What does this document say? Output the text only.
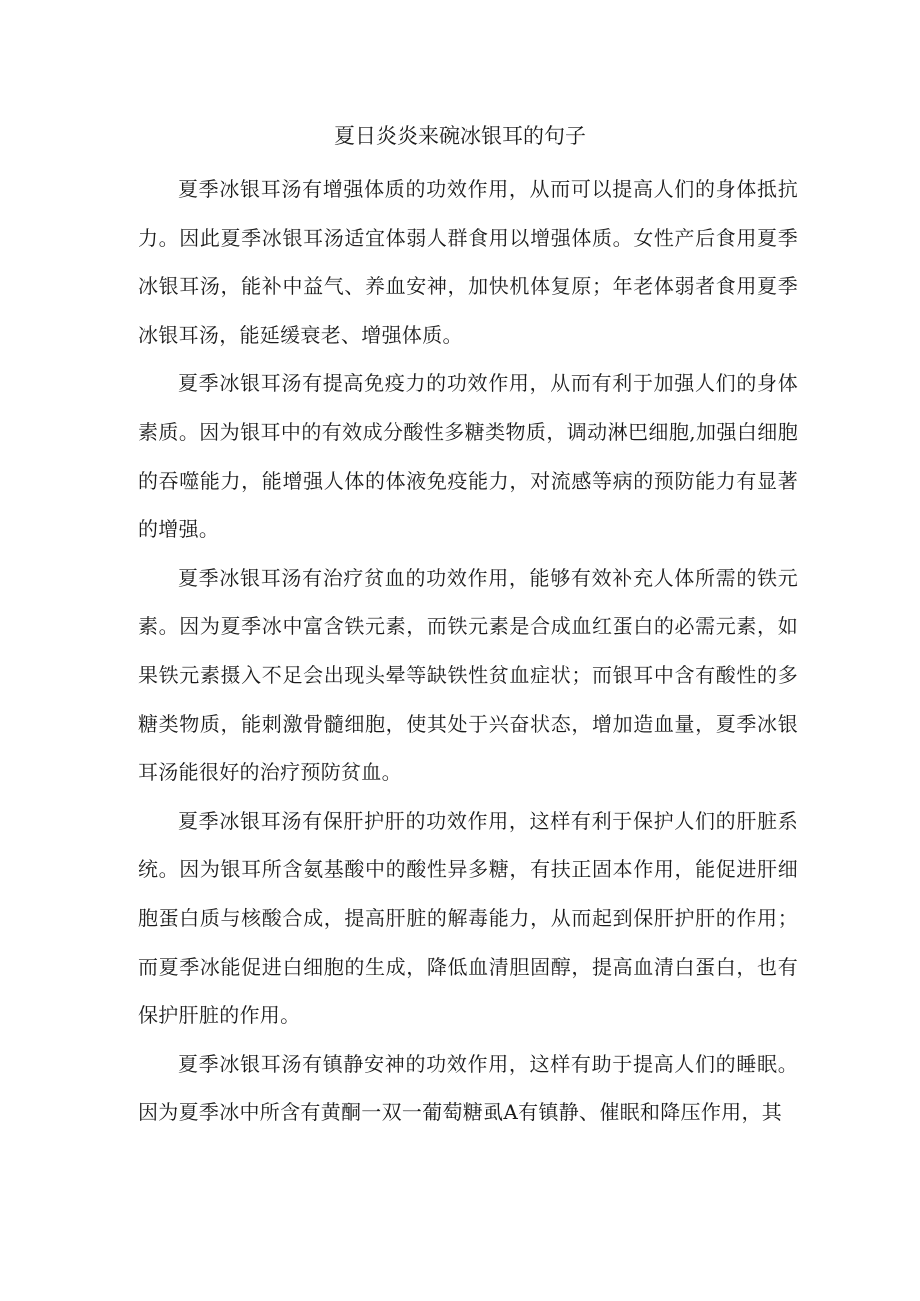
夏日炎炎来碗冰银耳的句子

夏季冰银耳汤有增强体质的功效作用，从而可以提高人们的身体抵抗力。因此夏季冰银耳汤适宜体弱人群食用以增强体质。女性产后食用夏季冰银耳汤，能补中益气、养血安神，加快机体复原；年老体弱者食用夏季冰银耳汤，能延缓衰老、增强体质。

夏季冰银耳汤有提高免疫力的功效作用，从而有利于加强人们的身体素质。因为银耳中的有效成分酸性多糖类物质，调动淋巴细胞,加强白细胞的吞噬能力，能增强人体的体液免疫能力，对流感等病的预防能力有显著的增强。

夏季冰银耳汤有治疗贫血的功效作用，能够有效补充人体所需的铁元素。因为夏季冰中富含铁元素，而铁元素是合成血红蛋白的必需元素，如果铁元素摄入不足会出现头晕等缺铁性贫血症状；而银耳中含有酸性的多糖类物质，能刺激骨髓细胞，使其处于兴奋状态，增加造血量，夏季冰银耳汤能很好的治疗预防贫血。

夏季冰银耳汤有保肝护肝的功效作用，这样有利于保护人们的肝脏系统。因为银耳所含氨基酸中的酸性异多糖，有扶正固本作用，能促进肝细胞蛋白质与核酸合成，提高肝脏的解毒能力，从而起到保肝护肝的作用；而夏季冰能促进白细胞的生成，降低血清胆固醇，提高血清白蛋白，也有保护肝脏的作用。

夏季冰银耳汤有镇静安神的功效作用，这样有助于提高人们的睡眠。因为夏季冰中所含有黄酮一双一葡萄糖虱A有镇静、催眠和降压作用，其
